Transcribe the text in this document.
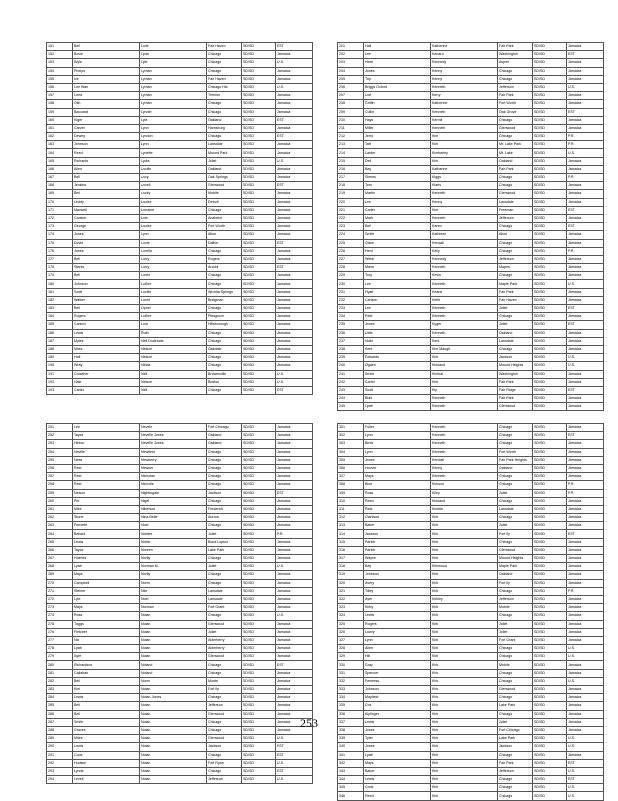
151	Bell	Lulie	Fair Haven	SD/SD	EST
152	Bovie	Lyda	Chicago	SD/SD	Jamaica
153	Wyle	Lyle	Chicago	SD/SD	U.S.
154	Phelps	Lyman	Chicago	SD/SD	Jamaica
155	Ice	Lyman	Fair Haven	SD/SD	Jamaica
156	Lee Wan	Lyman	Chicago Hts	SD/SD	U.S.
157	Leed	Lyman	Trenton	SD/SD	Jamaica
158	Olin	Lyman	Chicago	SD/SD	Jamaica
159	Baccarat	Lyndel	Chicago	SD/SD	Jamaica
160	Kiger	Lyle	Oakland	SD/SD	EST
161	Carver	Lynn	Harrisburg	SD/SD	Jamaica
162	Dewey	Lyndon	Chicago	SD/SD	EST
163	Johnson	Lynn	Lansdale	SD/SD	Jamaica
164	Reed	Lynette	Mound Park	SD/SD	Jamaica
165	Richards	Lydia	Joliet	SD/SD	U.S.
166	Allen	Lucille	Oakland	SD/SD	Jamaica
167	Bell	Lucy	Oak Springs	SD/SD	Jamaica
168	Jenkins	Lovell	Glenwood	SD/SD	EST
169	Bell	Lucky	Mobile	SD/SD	Jamaica
170	Leddy	Louise	Detroit	SD/SD	Jamaica
171	Maxwell	Lorraine	Chicago	SD/SD	Jamaica
172	Carlson	Lois	Anaheim	SD/SD	Jamaica
173	George	Louise	Fort Worth	SD/SD	Jamaica
174	Jones	Lynn	Alton	SD/SD	Jamaica
175	Dovie	Lovie	Dalton	SD/SD	EST
176	Jones	Lorella	Chicago	SD/SD	Jamaica
177	Bell	Lorry	Rogers	SD/SD	Jamaica
178	Starks	Lorry	Arcola	SD/SD	EST
179	Bell	Lorrie	Chicago	SD/SD	Jamaica
180	Johnson	Luther	Chicago	SD/SD	Jamaica
181	Scott	Lucille	Wichita Springs	SD/SD	Jamaica
182	Walker	Lurrie	Bridgman	SD/SD	Jamaica
183	Bell	Ophel	Chicago	SD/SD	Jamaica
184	Rogers	Luther	Pittsgrove	SD/SD	Jamaica
185	Carson	Lula	Hillsborough	SD/SD	Jamaica
186	Lewis	Ruth	Chicago	SD/SD	Jamaica
187	Myles	Nell Dudehale	Chicago	SD/SD	Jamaica
188	Miles	Nelson	Oakdale	SD/SD	Jamaica
189	Holt	Nelson	Chicago	SD/SD	Jamaica
190	Wray	Nelda	Chicago	SD/SD	Jamaica
191	Crowther	Nell	Brownsville	SD/SD	U.S.
192	Hale	Nelson	Boston	SD/SD	U.S.
193	Carter	Nell	Chicago	SD/SD	EST
201	Hall	Katherine	Fair Park	SD/SD	Jamaica
202	Lee	Kenard	Washington	SD/SD	EST
203	Heat	Kennedy	Aspen	SD/SD	Jamaica
204	Jones	Kenny	Chicago	SD/SD	Jamaica
205	Trip	Kenny	Chicago	SD/SD	Jamaica
206	Briggs Oxford	Kenneth	Jefferson	SD/SD	U.S.
207	Lott	Kerry	Fair Park	SD/SD	Jamaica
208	Griffin	Katherine	Fort Worth	SD/SD	Jamaica
209	Cullin	Kenneth	Oak Grove	SD/SD	EST
210	Hays	Kermit	Chicago	SD/SD	Jamaica
211	Miller	Kenneth	Glenwood	SD/SD	Jamaica
212	Jerry	Kim	Chicago	SD/SD	P.R.
213	Taft	Kirk	Mt. Lake Park	SD/SD	P.R.
214	Larder	Kimberley	Mt. Lake	SD/SD	U.S.
215	Dell	Kirk	Oakland	SD/SD	Jamaica
216	Bay	Katharine	Fair Park	SD/SD	Jamaica
217	Simms	Kiggs	Chicago	SD/SD	P.R.
218	Tom	Klaris	Chicago	SD/SD	Jamaica
219	Martin	Kenneth	Glenwood	SD/SD	Jamaica
220	Lee	Kenny	Lansdale	SD/SD	Jamaica
221	Carter	Kim	Freeman	SD/SD	EST
222	Mark	Kenneth	Jefferson	SD/SD	Jamaica
223	Bell	Karen	Chicago	SD/SD	EST
224	Smith	Kathleen	Alton	SD/SD	Jamaica
225	Olson	Kendall	Chicago	SD/SD	Jamaica
226	Herd	Kelly	Chicago	SD/SD	P.R.
227	Webb	Kennedy	Jefferson	SD/SD	Jamaica
228	Mann	Kenneth	Mapes	SD/SD	Jamaica
229	Troy	Kevin	Chicago	SD/SD	Jamaica
230	Lee	Kenneth	Maple Park	SD/SD	U.S.
231	Hyatt	Keane	Fair Park	SD/SD	Jamaica
232	Carlson	Keith	Fair Haven	SD/SD	Jamaica
233	Lee	Kenneth	Joliet	SD/SD	EST
234	Reid	Kenneth	Chicago	SD/SD	Jamaica
235	Jones	Kyger	Joliet	SD/SD	EST
236	Little	Kenneth	Oakland	SD/SD	Jamaica
237	Nolin	Kent	Lansdale	SD/SD	Jamaica
238	Kent	Kim Maugh	Chicago	SD/SD	Jamaica
239	Edwards	Kirk	Jackson	SD/SD	U.S.
240	Ogden	Kirkland	Mound Heights	SD/SD	U.S.
241	Smith	Kimbal	Washington	SD/SD	Jamaica
242	Carrel	Kirk	Fair Park	SD/SD	Jamaica
243	Scott	Kip	Fair Ridge	SD/SD	EST
244	Blair	Kenneth	Fair Park	SD/SD	Jamaica
245	Lyatt	Kenneth	Glenwood	SD/SD	Jamaica
251	Lee	Nevele	Fort Chicago	SD/SD	Jamaica
252	Taylor	Nevelle Jones	Oakland	SD/SD	Jamaica
253	Hinton	Nevelle Jones	Oakland	SD/SD	Jamaica
254	Neville	Newfield	Chicago	SD/SD	Jamaica
255	Ness	Newberry	Chicago	SD/SD	Jamaica
256	Reid	Newton	Chicago	SD/SD	Jamaica
257	Reid	Nicholas	Chicago	SD/SD	Jamaica
258	Reid	Nicholls	Chicago	SD/SD	Jamaica
259	Nelson	Nightingale	Jackson	SD/SD	EST
260	Pitt	Nigel	Chicago	SD/SD	Jamaica
261	Mike	Nikerson	Frederick	SD/SD	Jamaica
262	Stone	Nina Belle	Aurora	SD/SD	Jamaica
263	Frenette	Noel	Chicago	SD/SD	Jamaica
264	Ballard	Noblee	Joliet	SD/SD	P.R.
265	Lewis	Noble	Boca Lupton	SD/SD	Jamaica
266	Taylor	Noreen	Lake Park	SD/SD	Jamaica
267	Holmes	Norlly	Chicago	SD/SD	Jamaica
268	Lyatt	Norman M.	Joliet	SD/SD	U.S.
269	Mays	Norlly	Chicago	SD/SD	Jamaica
270	Campbell	Norm	Chicago	SD/SD	Jamaica
271	Steiner	Nile	Lansdale	SD/SD	Jamaica
272	Lyle	Noel	Lansdale	SD/SD	Jamaica
273	Mays	Norman	Fort Grant	SD/SD	Jamaica
274	Ross	Nolan	Chicago	SD/SD	U.S.
275	Tuggs	Nolan	Glenwood	SD/SD	Jamaica
276	Fletcher	Nolan	Joliet	SD/SD	Jamaica
277	Nix	Nolan	Alderberry	SD/SD	Jamaica
278	Lyatt	Nolan	Alderberry	SD/SD	Jamaica
279	Ayer	Nolan	Glenwood	SD/SD	Jamaica
280	Richardson	Noland	Chicago	SD/SD	EST
281	Callahan	Noland	Chicago	SD/SD	Jamaica
282	Bell	Norm	Monte	SD/SD	Jamaica
283	Kiel	Nolan	Fort Ily	SD/SD	Jamaica
284	Lewis	Nolan-Jones	Chicago	SD/SD	Jamaica
285	Bell	Nolan	Jefferson	SD/SD	Jamaica
286	Bell	Nolan	Glenwood	SD/SD	Jamaica
287	Smith	Nolan	Chicago	SD/SD	Jamaica
288	Graves	Nolan	Chicago	SD/SD	Jamaica
289	Miles	Nolan	Glenwood	SD/SD	U.S.
290	Lewis	Nolan	Jackson	SD/SD	EST
291	Cook	Nolan	Chicago	SD/SD	EST
292	Hudson	Nolan	Fort Ryan	SD/SD	U.S.
293	Lynds	Nolan	Chicago	SD/SD	EST
294	Levell	Nolan	Jefferson	SD/SD	U.S.
301	Fuller	Kenneth	Chicago	SD/SD	Jamaica
302	Lynn	Kenneth	Chicago	SD/SD	EST
303	Birds	Kenneth	Chicago	SD/SD	Jamaica
304	Lynn	Kenneth	Fort Worth	SD/SD	Jamaica
305	Jones	Kendall	Fair Park Heights	SD/SD	Jamaica
306	Hoover	Kenny	Oakland	SD/SD	Jamaica
307	Mays	Kenneth	Chicago	SD/SD	Jamaica
308	Blue	Kirkson	Chicago	SD/SD	P.R.
309	Ross	Kiley	Joliet	SD/SD	P.R.
310	Reed	Kirkland	Chicago	SD/SD	Jamaica
311	Reid	Kimble	Lansdale	SD/SD	Jamaica
312	Clarkson	Kirk	Chicago	SD/SD	Jamaica
313	Baker	Kirk	Joliet	SD/SD	Jamaica
314	Jackson	Kirk	Fort Ily	SD/SD	EST
315	Parker	Kirk	Chicago	SD/SD	Jamaica
316	Parker	Kirk	Glenwood	SD/SD	Jamaica
317	Wayne	Kirk	Mound Heights	SD/SD	Jamaica
318	Bay	Kirkwood	Maple Park	SD/SD	Jamaica
319	Johnson	Kirk	Oakland	SD/SD	Jamaica
320	Avery	Kirk	Fort Ily	SD/SD	Jamaica
321	Tilley	Kirk	Chicago	SD/SD	P.R.
322	Ayer	Kirkley	Jefferson	SD/SD	Jamaica
323	Kirby	Kirk	Mobile	SD/SD	Jamaica
324	Lewis	Kirk	Chicago	SD/SD	Jamaica
325	Rogers	Kirk	Joliet	SD/SD	Jamaica
326	Lowry	Kirk	Joliet	SD/SD	Jamaica
327	Lynn	Kirk	Fort Grant	SD/SD	Jamaica
328	Allen	Kirk	Chicago	SD/SD	U.S.
329	Hill	Kirk	Chicago	SD/SD	U.S.
330	Gray	Kirk	Mobile	SD/SD	Jamaica
331	Spencer	Kirk	Chicago	SD/SD	Jamaica
332	Fentress	Kirk	Chicago	SD/SD	U.S.
333	Johnson	Kirk	Glenwood	SD/SD	Jamaica
334	Mayfield	Kirk	Chicago	SD/SD	Jamaica
335	Cox	Kirk	Lake Park	SD/SD	Jamaica
336	Kiplinger	Kirk	Chicago	SD/SD	Jamaica
337	Lewis	Kirk	Joliet	SD/SD	Jamaica
338	Jones	Kirk	Fort Chicago	SD/SD	Jamaica
339	Tyler	Kirk	Lake Park	SD/SD	U.S.
340	Jones	Kirk	Jackson	SD/SD	U.S.
341	Lyatt	Kirk	Chicago	SD/SD	Jamaica
342	Mays	Kirk	Fair Park	SD/SD	EST
343	Baker	Kirk	Jefferson	SD/SD	U.S.
344	Lewis	Kirk	Chicago	SD/SD	EST
345	Cook	Kirk	Chicago	SD/SD	U.S.
346	Reed	Kirk	Chicago	SD/SD	U.S.
253
